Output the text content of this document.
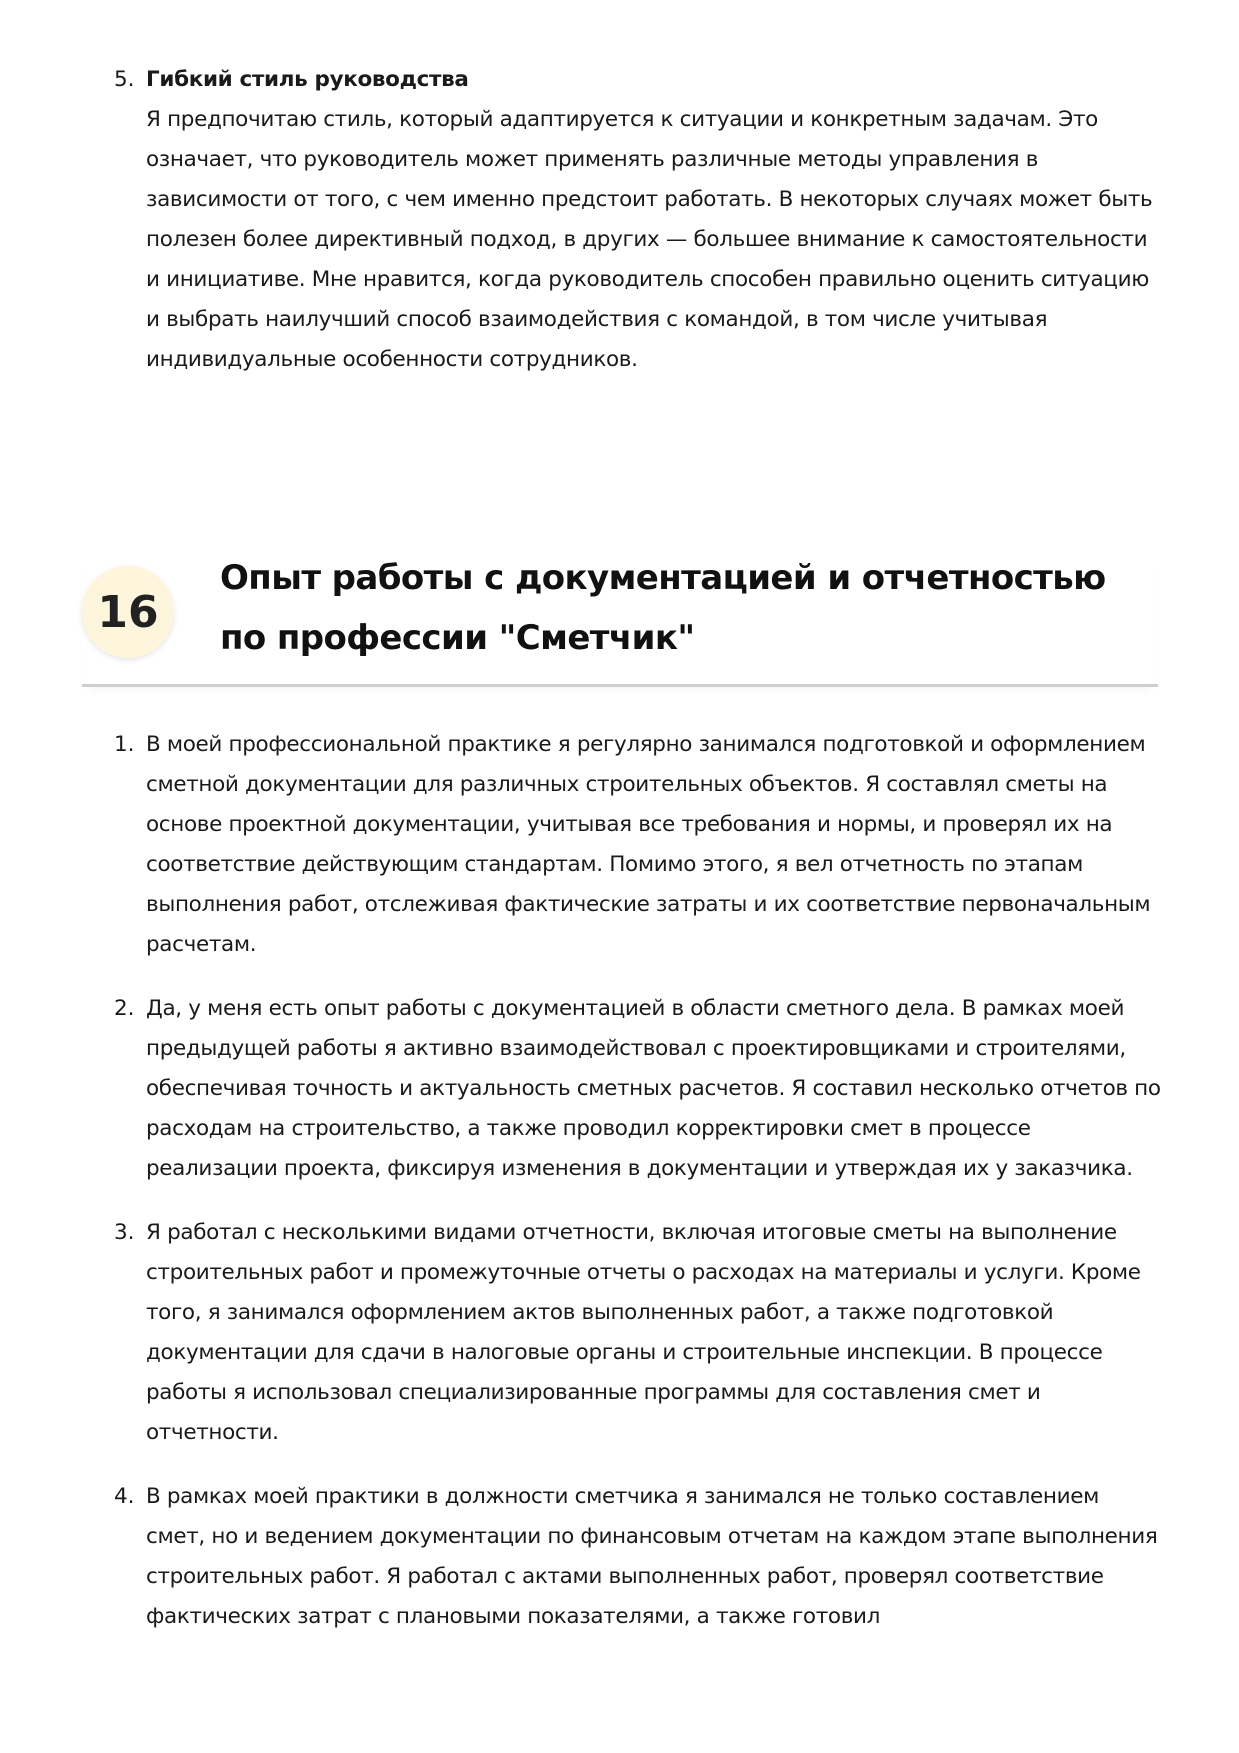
5. Гибкий стиль руководства
Я предпочитаю стиль, который адаптируется к ситуации и конкретным задачам. Это означает, что руководитель может применять различные методы управления в зависимости от того, с чем именно предстоит работать. В некоторых случаях может быть полезен более директивный подход, в других — большее внимание к самостоятельности и инициативе. Мне нравится, когда руководитель способен правильно оценить ситуацию и выбрать наилучший способ взаимодействия с командой, в том числе учитывая индивидуальные особенности сотрудников.
16
Опыт работы с документацией и отчетностью по профессии "Сметчик"
1. В моей профессиональной практике я регулярно занимался подготовкой и оформлением сметной документации для различных строительных объектов. Я составлял сметы на основе проектной документации, учитывая все требования и нормы, и проверял их на соответствие действующим стандартам. Помимо этого, я вел отчетность по этапам выполнения работ, отслеживая фактические затраты и их соответствие первоначальным расчетам.
2. Да, у меня есть опыт работы с документацией в области сметного дела. В рамках моей предыдущей работы я активно взаимодействовал с проектировщиками и строителями, обеспечивая точность и актуальность сметных расчетов. Я составил несколько отчетов по расходам на строительство, а также проводил корректировки смет в процессе реализации проекта, фиксируя изменения в документации и утверждая их у заказчика.
3. Я работал с несколькими видами отчетности, включая итоговые сметы на выполнение строительных работ и промежуточные отчеты о расходах на материалы и услуги. Кроме того, я занимался оформлением актов выполненных работ, а также подготовкой документации для сдачи в налоговые органы и строительные инспекции. В процессе работы я использовал специализированные программы для составления смет и отчетности.
4. В рамках моей практики в должности сметчика я занимался не только составлением смет, но и ведением документации по финансовым отчетам на каждом этапе выполнения строительных работ. Я работал с актами выполненных работ, проверял соответствие фактических затрат с плановыми показателями, а также готовил
